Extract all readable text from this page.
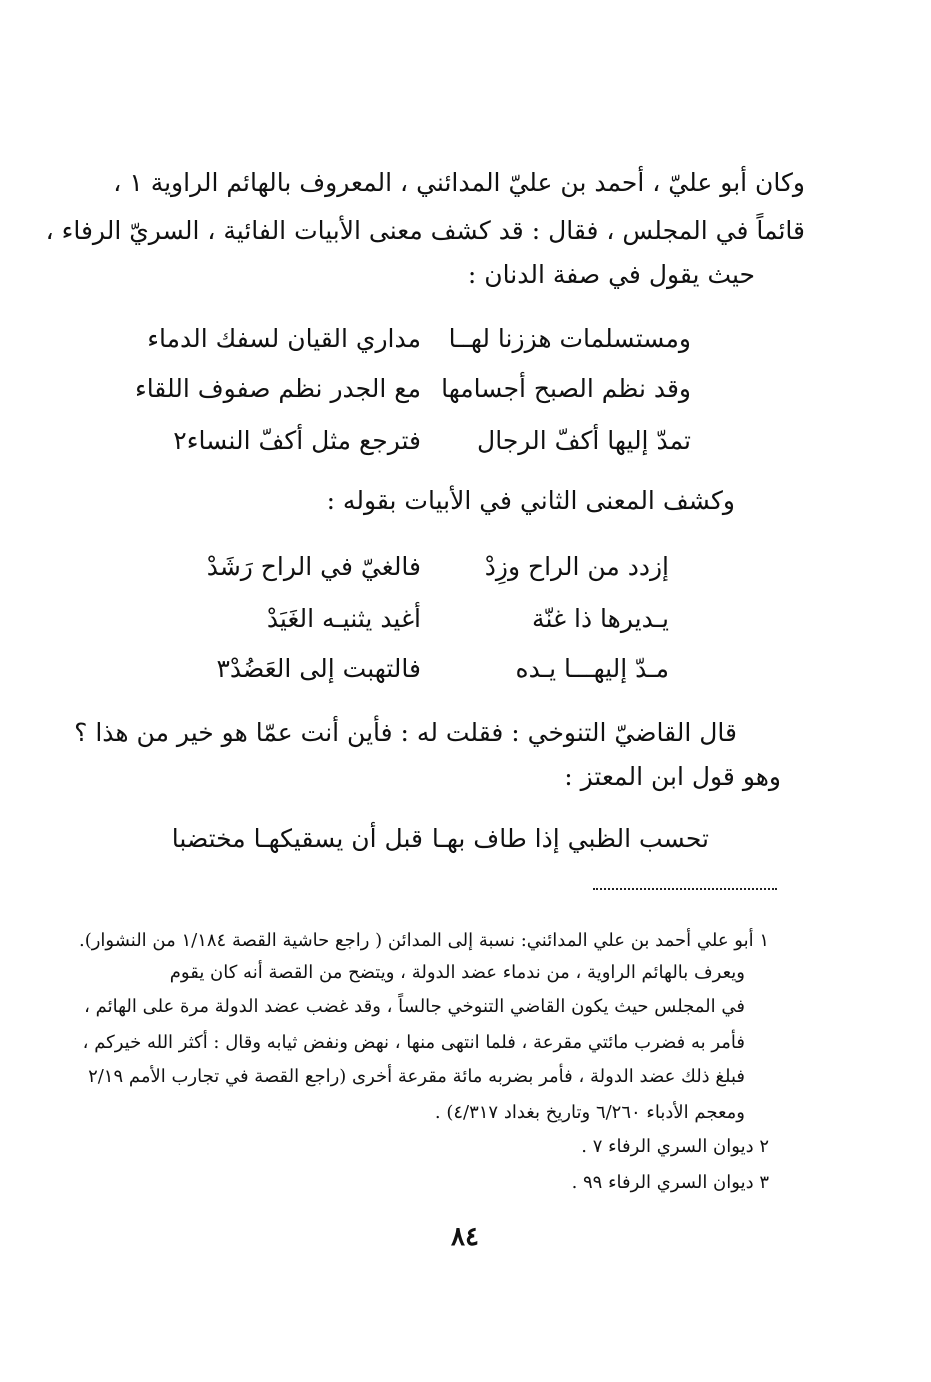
وكان أبو عليّ ، أحمد بن عليّ المدائني ، المعروف بالهائم الراوية ١ ،
قائماً في المجلس ، فقال : قد كشف معنى الأبيات الفائية ، السريّ الرفاء ،
حيث يقول في صفة الدنان :
ومستسلمات هززنا لهــا
مداري القيان لسفك الدماء
وقد نظم الصبح أجسامها
مع الجدر نظم صفوف اللقاء
تمدّ إليها أكفّ الرجال
فترجع مثل أكفّ النساء٢
وكشف المعنى الثاني في الأبيات بقوله :
إزدد من الراح وزِدْ
فالغيّ في الراح رَشَدْ
يـديرها ذا غنّة
أغيد يثنيـه الغَيَدْ
مـدّ إليهـــا يـده
فالتهبت إلى العَضُدْ٣
قال القاضيّ التنوخي : فقلت له : فأين أنت عمّا هو خير من هذا ؟
وهو قول ابن المعتز :
تحسب الظبي إذا طاف بهـا
قبل أن يسقيكهـا مختضبا
١ أبو علي أحمد بن علي المدائني: نسبة إلى المدائن ( راجع حاشية القصة ١/١٨٤ من النشوار).
ويعرف بالهائم الراوية ، من ندماء عضد الدولة ، ويتضح من القصة أنه كان يقوم
في المجلس حيث يكون القاضي التنوخي جالساً ، وقد غضب عضد الدولة مرة على الهائم ،
فأمر به فضرب مائتي مقرعة ، فلما انتهى منها ، نهض ونفض ثيابه وقال : أكثر الله خيركم ،
فبلغ ذلك عضد الدولة ، فأمر بضربه مائة مقرعة أخرى (راجع القصة في تجارب الأمم ٢/١٩
ومعجم الأدباء ٦/٢٦٠ وتاريخ بغداد ٤/٣١٧) .
٢ ديوان السري الرفاء ٧ .
٣ ديوان السري الرفاء ٩٩ .
٨٤
